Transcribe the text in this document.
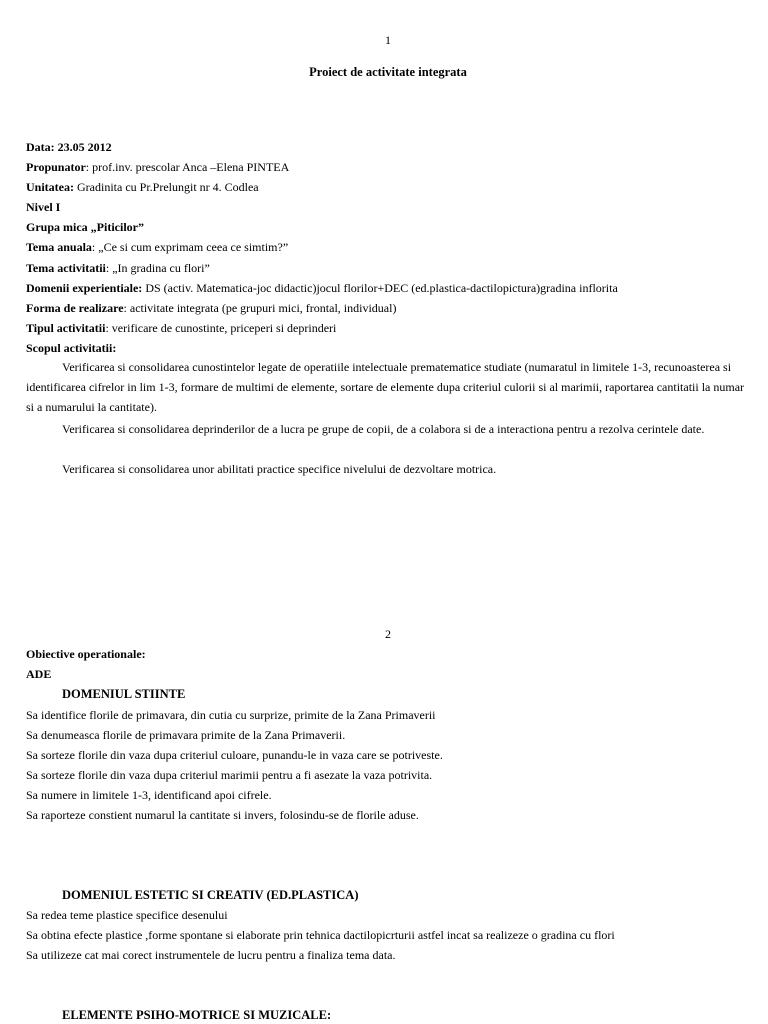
1
Proiect de activitate integrata
Data: 23.05 2012
Propunator: prof.inv. prescolar Anca –Elena PINTEA
Unitatea: Gradinita cu Pr.Prelungit nr 4. Codlea
Nivel I
Grupa mica „Piticilor”
Tema anuala: „Ce si cum exprimam ceea ce simtim?”
Tema activitatii: „In gradina cu flori”
Domenii experientiale: DS (activ. Matematica-joc didactic)jocul florilor+DEC (ed.plastica-dactilopictura)gradina inflorita
Forma de realizare: activitate integrata (pe grupuri mici, frontal, individual)
Tipul activitatii: verificare de cunostinte, priceperi si deprinderi
Scopul activitatii:
Verificarea si consolidarea cunostintelor legate de operatiile intelectuale prematematice studiate (numaratul in limitele 1-3, recunoasterea si identificarea cifrelor in lim 1-3, formare de multimi de elemente, sortare de elemente dupa criteriul culorii si al marimii, raportarea cantitatii la numar si a numarului la cantitate).
Verificarea si consolidarea deprinderilor de a lucra pe grupe de copii, de a colabora si de a interactiona pentru a rezolva cerintele date.
Verificarea si consolidarea unor abilitati practice specifice nivelului de dezvoltare motrica.
2
Obiective operationale:
ADE
DOMENIUL STIINTE
Sa identifice florile de primavara, din cutia cu surprize, primite de la Zana Primaverii
Sa denumeasca florile de primavara primite de la Zana Primaverii.
Sa sorteze florile din vaza dupa criteriul culoare, punandu-le in vaza care se potriveste.
Sa sorteze florile din vaza dupa criteriul marimii pentru a fi asezate la vaza potrivita.
Sa numere in limitele 1-3, identificand apoi cifrele.
Sa raporteze constient numarul la cantitate si invers, folosindu-se de florile aduse.
DOMENIUL ESTETIC SI CREATIV (ED.PLASTICA)
Sa redea teme plastice specifice desenului
Sa obtina efecte plastice ,forme spontane si elaborate prin tehnica dactilopicrturii astfel incat sa realizeze o gradina cu flori
Sa utilizeze cat mai corect instrumentele de lucru pentru a finaliza tema data.
ELEMENTE PSIHO-MOTRICE SI MUZICALE:
